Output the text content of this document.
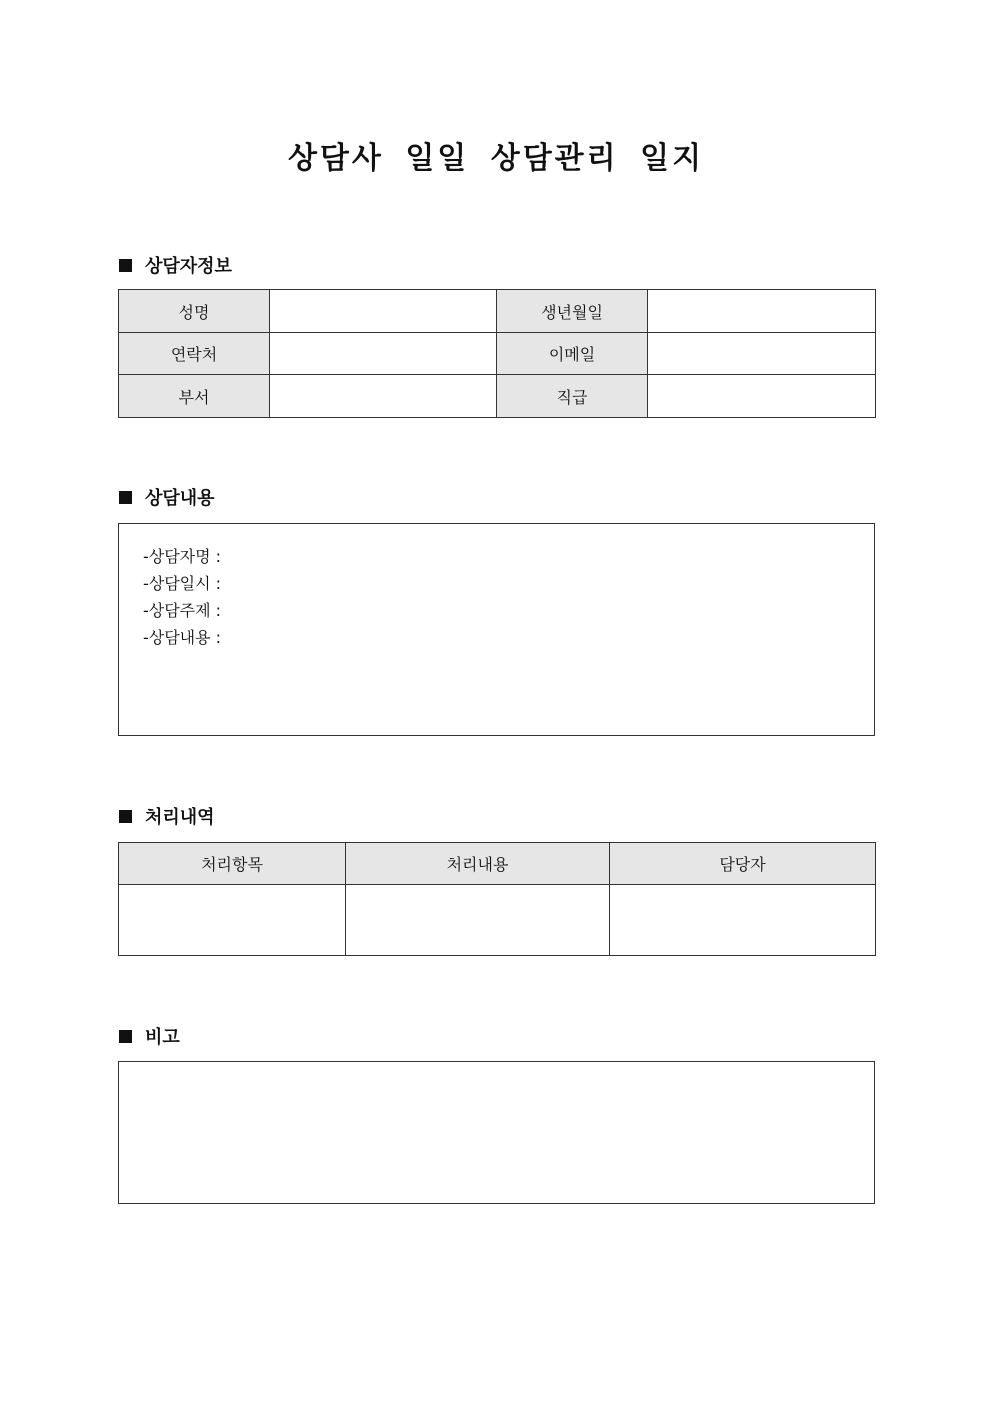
상담사 일일 상담관리 일지
상담자정보
성명		생년월일	
연락처		이메일	
부서		직급	
상담내용
-상담자명 :
-상담일시 :
-상담주제 :
-상담내용 :
처리내역
처리항목	처리내용	담당자

비고
